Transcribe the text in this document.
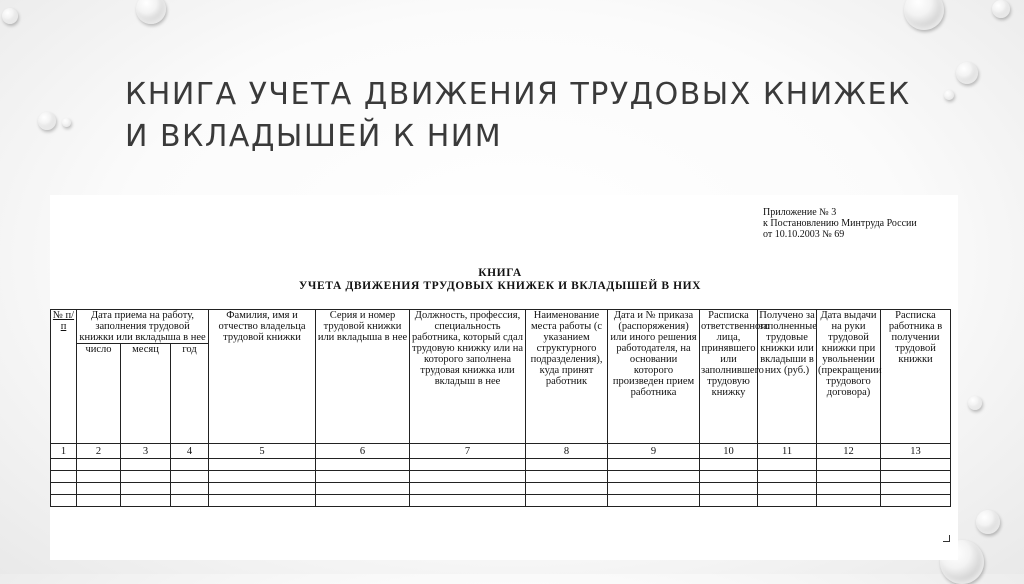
КНИГА УЧЕТА ДВИЖЕНИЯ ТРУДОВЫХ КНИЖЕК И ВКЛАДЫШЕЙ К НИМ
Приложение № 3
к Постановлению Минтруда России
от 10.10.2003 № 69
КНИГА
УЧЕТА ДВИЖЕНИЯ ТРУДОВЫХ КНИЖЕК И ВКЛАДЫШЕЙ В НИХ
№ п/п	Дата приема на работу, заполнения трудовой книжки или вкладыша в нее			Фамилия, имя и отчество владельца трудовой книжки	Серия и номер трудовой книжки или вкладыша в нее	Должность, профессия, специальность работника, который сдал трудовую книжку или на которого заполнена трудовая книжка или вкладыш в нее	Наименование места работы (с указанием структурного подразделения), куда принят работник	Дата и № приказа (распоряжения) или иного решения работодателя, на основании которого произведен прием работника	Расписка ответственного лица, принявшего или заполнившего трудовую книжку	Получено за заполненные трудовые книжки или вкладыши в них (руб.)	Дата выдачи на руки трудовой книжки при увольнении (прекращении трудового договора)	Расписка работника в получении трудовой книжки
	число	месяц	год									
1	2	3	4	5	6	7	8	9	10	11	12	13
